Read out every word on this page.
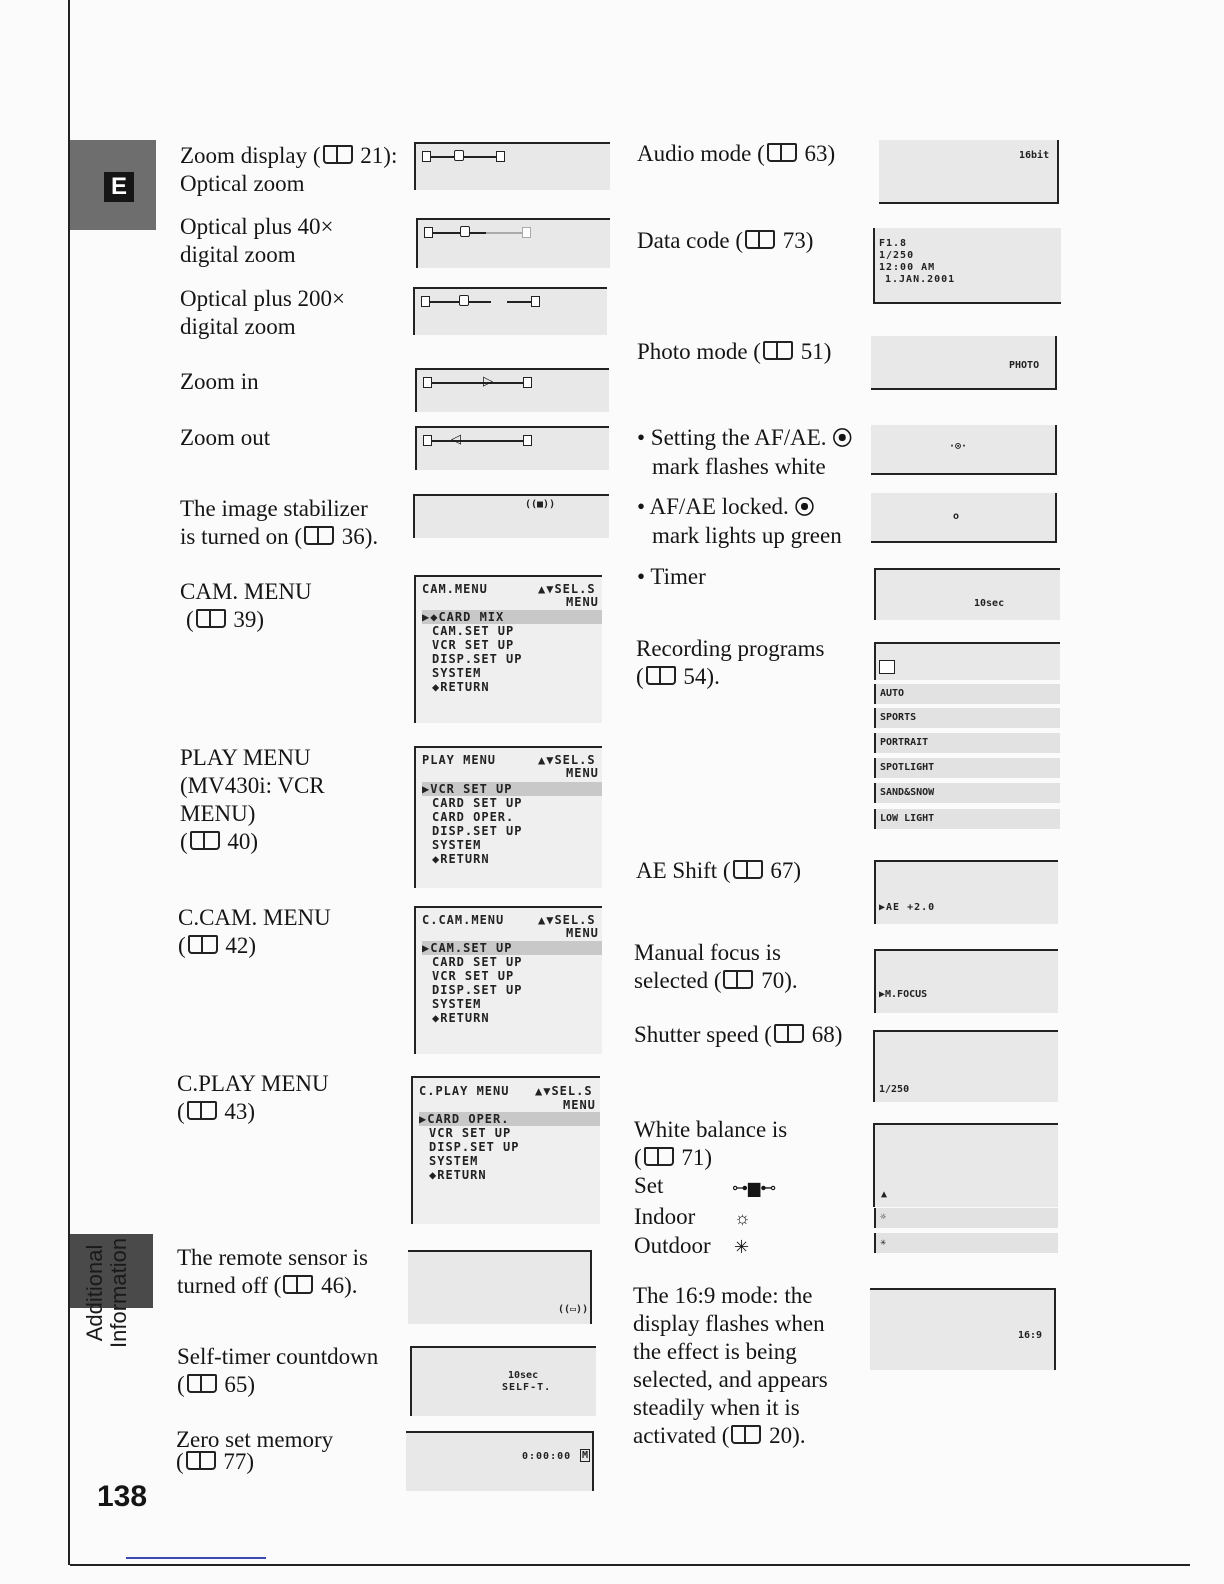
E
Additional Information
138
Zoom display ( 21):
Optical zoom
Optical plus 40×
digital zoom
Optical plus 200×
digital zoom
Zoom in
Zoom out
The image stabilizer
is turned on ( 36).
CAM. MENU
( 39)
PLAY MENU
(MV430i: VCR
MENU)
( 40)
C.CAM. MENU
( 42)
C.PLAY MENU
( 43)
The remote sensor is
turned off ( 46).
Self-timer countdown
( 65)
Zero set memory
( 77)
▷
◁
((■))
CAM.MENU	▲▼SEL.S
MENU
▶◆CARD MIX
CAM.SET UP
VCR SET UP
DISP.SET UP
SYSTEM
◆RETURN
PLAY MENU	▲▼SEL.S
MENU
▶VCR SET UP
CARD SET UP
CARD OPER.
DISP.SET UP
SYSTEM
◆RETURN
C.CAM.MENU	▲▼SEL.S
MENU
▶CAM.SET UP
CARD SET UP
VCR SET UP
DISP.SET UP
SYSTEM
◆RETURN
C.PLAY MENU ▲▼SEL.S
MENU
▶CARD OPER.
VCR SET UP
DISP.SET UP
SYSTEM
◆RETURN
((▭))
10sec
SELF-T.
0:00:00 M
Audio mode ( 63)
Data code ( 73)
Photo mode ( 51)
• Setting the AF/AE. ⦿
mark flashes white
• AF/AE locked. ⦿
mark lights up green
• Timer
Recording programs
( 54).
AE Shift ( 67)
Manual focus is
selected ( 70).
Shutter speed ( 68)
White balance is
( 71)
Set	⊶▆⊷
Indoor ☼
Outdoor ✳
The 16:9 mode: the
display flashes when
the effect is being
selected, and appears
steadily when it is
activated ( 20).
16bit
F1.8
1/250
12:00 AM
1.JAN.2001
PHOTO
·⊙·
o
10sec
AUTO
SPORTS
PORTRAIT
SPOTLIGHT
SAND&SNOW
LOW LIGHT
▶AE +2.0
▶M.FOCUS
1/250
▲
☼
✳
16:9
